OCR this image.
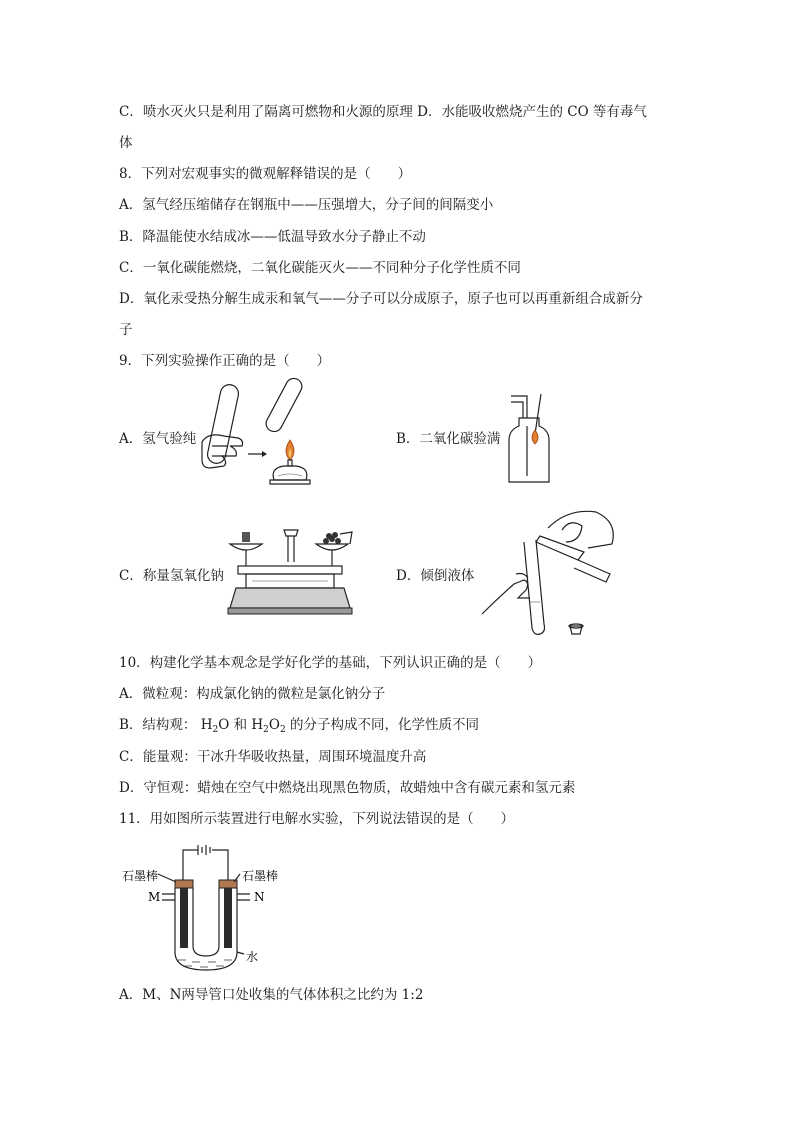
C．喷水灭火只是利用了隔离可燃物和火源的原理 D．水能吸收燃烧产生的 CO 等有毒气
体
8．下列对宏观事实的微观解释错误的是（　　）
A．氢气经压缩储存在钢瓶中——压强增大，分子间的间隔变小
B．降温能使水结成冰——低温导致水分子静止不动
C．一氧化碳能燃烧，二氧化碳能灭火——不同种分子化学性质不同
D．氧化汞受热分解生成汞和氧气——分子可以分成原子，原子也可以再重新组合成新分
子
9．下列实验操作正确的是（　　）
A．氢气验纯	B．二氧化碳验满
C．称量氢氧化钠	D．倾倒液体
10．构建化学基本观念是学好化学的基础，下列认识正确的是（　　）
A．微粒观：构成氯化钠的微粒是氯化钠分子
B．结构观： $H_2O$ 和 $H_2O_2$ 的分子构成不同，化学性质不同
C．能量观：干冰升华吸收热量，周围环境温度升高
D．守恒观：蜡烛在空气中燃烧出现黑色物质，故蜡烛中含有碳元素和氢元素
11．用如图所示装置进行电解水实验，下列说法错误的是（　　）
石墨棒	石墨棒
M	N
水
A．M、N两导管口处收集的气体体积之比约为 1:2
